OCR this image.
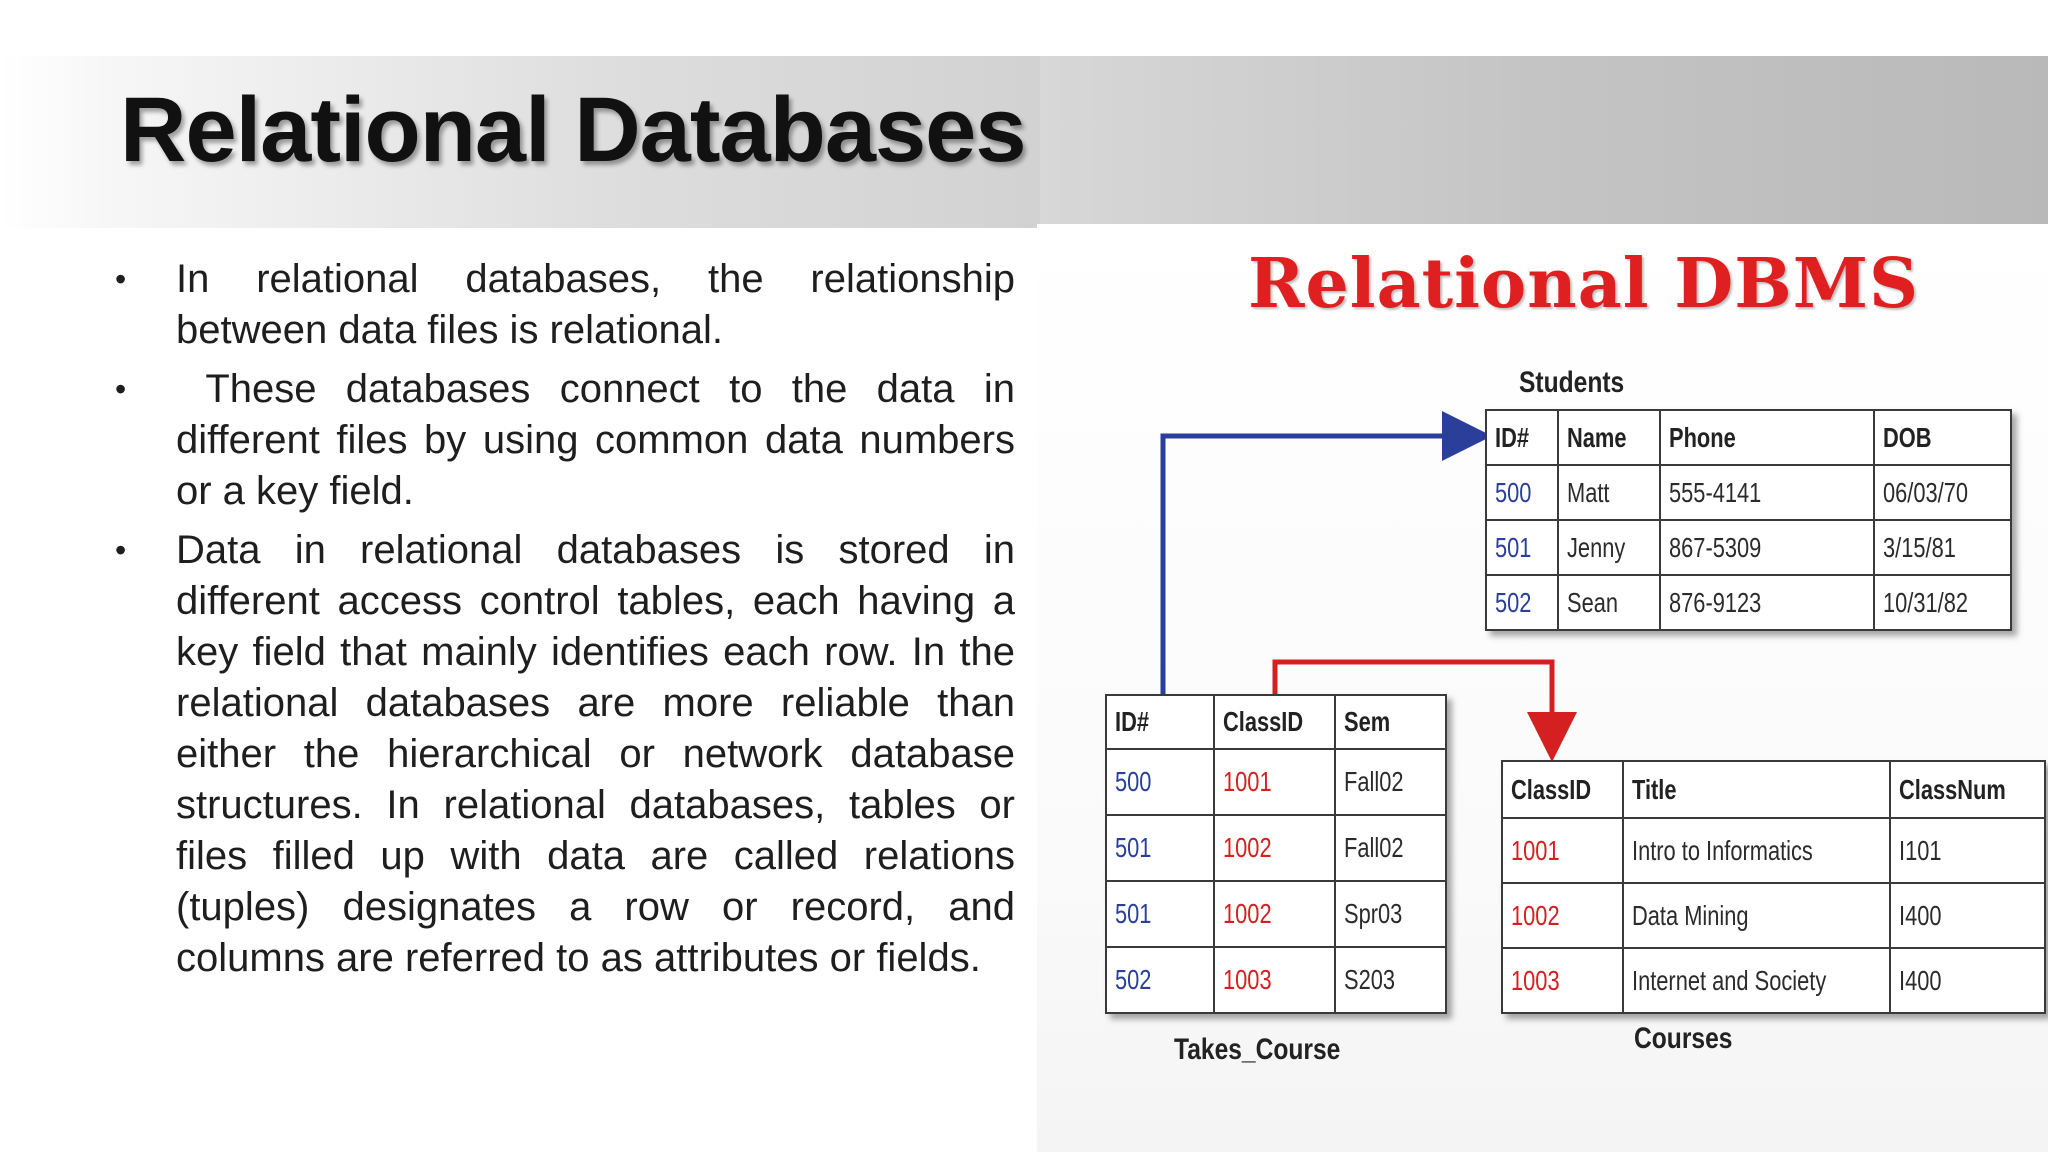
Relational Databases
•	In relational databases, the relationship between data files is relational.
•	These databases connect to the data in different files by using common data numbers or a key field.
•	Data in relational databases is stored in different access control tables, each having a key field that mainly identifies each row. In the relational databases are more reliable than either the hierarchical or network database structures. In relational databases, tables or files filled up with data are called relations (tuples) designates a row or record, and columns are referred to as attributes or fields.
Relational DBMS
Students
ID#	Name	Phone	DOB
500	Matt	555-4141	06/03/70
501	Jenny	867-5309	3/15/81
502	Sean	876-9123	10/31/82
ID#	ClassID	Sem
500	1001	Fall02
501	1002	Fall02
501	1002	Spr03
502	1003	S203
Takes_Course
ClassID	Title	ClassNum
1001	Intro to Informatics	I101
1002	Data Mining	I400
1003	Internet and Society	I400
Courses
